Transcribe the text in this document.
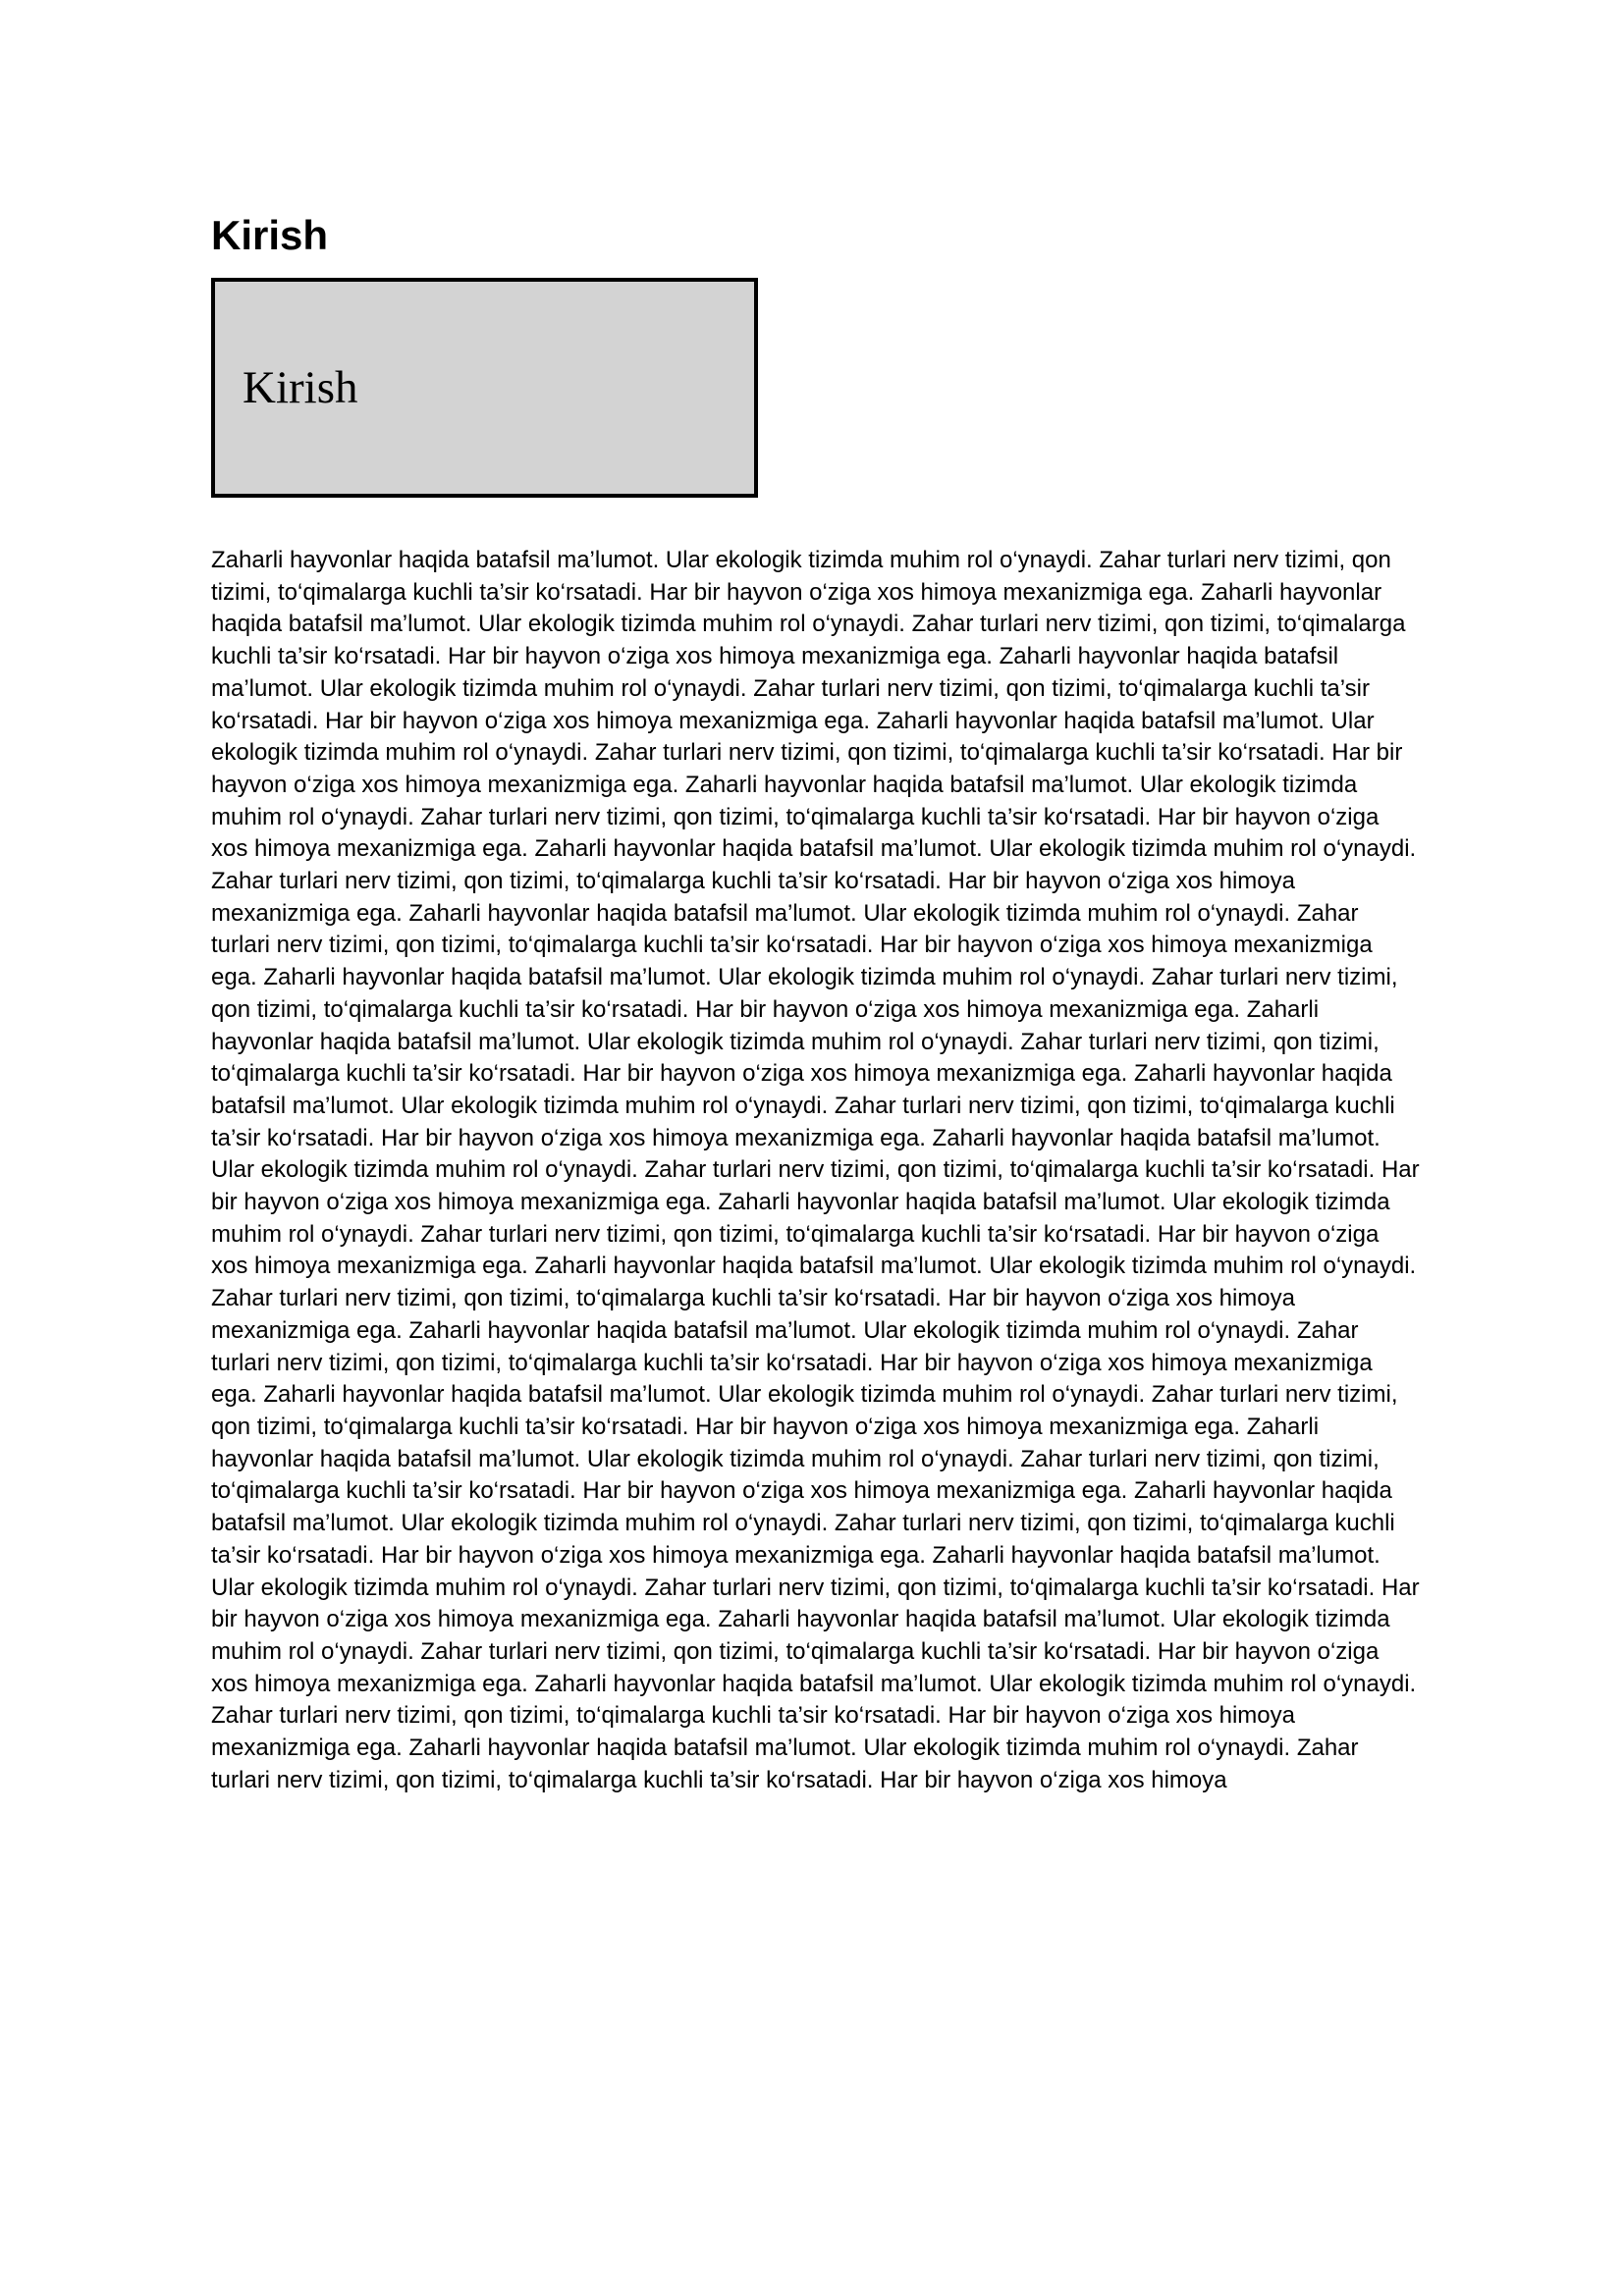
Kirish
Kirish

Zaharli hayvonlar haqida batafsil ma’lumot. Ular ekologik tizimda muhim rol o‘ynaydi. Zahar turlari nerv tizimi, qon tizimi, to‘qimalarga kuchli ta’sir ko‘rsatadi. Har bir hayvon o‘ziga xos himoya mexanizmiga ega. Zaharli hayvonlar haqida batafsil ma’lumot. Ular ekologik tizimda muhim rol o‘ynaydi. Zahar turlari nerv tizimi, qon tizimi, to‘qimalarga kuchli ta’sir ko‘rsatadi. Har bir hayvon o‘ziga xos himoya mexanizmiga ega. Zaharli hayvonlar haqida batafsil ma’lumot. Ular ekologik tizimda muhim rol o‘ynaydi. Zahar turlari nerv tizimi, qon tizimi, to‘qimalarga kuchli ta’sir ko‘rsatadi. Har bir hayvon o‘ziga xos himoya mexanizmiga ega. Zaharli hayvonlar haqida batafsil ma’lumot. Ular ekologik tizimda muhim rol o‘ynaydi. Zahar turlari nerv tizimi, qon tizimi, to‘qimalarga kuchli ta’sir ko‘rsatadi. Har bir hayvon o‘ziga xos himoya mexanizmiga ega. Zaharli hayvonlar haqida batafsil ma’lumot. Ular ekologik tizimda muhim rol o‘ynaydi. Zahar turlari nerv tizimi, qon tizimi, to‘qimalarga kuchli ta’sir ko‘rsatadi. Har bir hayvon o‘ziga xos himoya mexanizmiga ega. Zaharli hayvonlar haqida batafsil ma’lumot. Ular ekologik tizimda muhim rol o‘ynaydi. Zahar turlari nerv tizimi, qon tizimi, to‘qimalarga kuchli ta’sir ko‘rsatadi. Har bir hayvon o‘ziga xos himoya mexanizmiga ega. Zaharli hayvonlar haqida batafsil ma’lumot. Ular ekologik tizimda muhim rol o‘ynaydi. Zahar turlari nerv tizimi, qon tizimi, to‘qimalarga kuchli ta’sir ko‘rsatadi. Har bir hayvon o‘ziga xos himoya mexanizmiga ega. Zaharli hayvonlar haqida batafsil ma’lumot. Ular ekologik tizimda muhim rol o‘ynaydi. Zahar turlari nerv tizimi, qon tizimi, to‘qimalarga kuchli ta’sir ko‘rsatadi. Har bir hayvon o‘ziga xos himoya mexanizmiga ega. Zaharli hayvonlar haqida batafsil ma’lumot. Ular ekologik tizimda muhim rol o‘ynaydi. Zahar turlari nerv tizimi, qon tizimi, to‘qimalarga kuchli ta’sir ko‘rsatadi. Har bir hayvon o‘ziga xos himoya mexanizmiga ega. Zaharli hayvonlar haqida batafsil ma’lumot. Ular ekologik tizimda muhim rol o‘ynaydi. Zahar turlari nerv tizimi, qon tizimi, to‘qimalarga kuchli ta’sir ko‘rsatadi. Har bir hayvon o‘ziga xos himoya mexanizmiga ega. Zaharli hayvonlar haqida batafsil ma’lumot. Ular ekologik tizimda muhim rol o‘ynaydi. Zahar turlari nerv tizimi, qon tizimi, to‘qimalarga kuchli ta’sir ko‘rsatadi. Har bir hayvon o‘ziga xos himoya mexanizmiga ega. Zaharli hayvonlar haqida batafsil ma’lumot. Ular ekologik tizimda muhim rol o‘ynaydi. Zahar turlari nerv tizimi, qon tizimi, to‘qimalarga kuchli ta’sir ko‘rsatadi. Har bir hayvon o‘ziga xos himoya mexanizmiga ega. Zaharli hayvonlar haqida batafsil ma’lumot. Ular ekologik tizimda muhim rol o‘ynaydi. Zahar turlari nerv tizimi, qon tizimi, to‘qimalarga kuchli ta’sir ko‘rsatadi. Har bir hayvon o‘ziga xos himoya mexanizmiga ega. Zaharli hayvonlar haqida batafsil ma’lumot. Ular ekologik tizimda muhim rol o‘ynaydi. Zahar turlari nerv tizimi, qon tizimi, to‘qimalarga kuchli ta’sir ko‘rsatadi. Har bir hayvon o‘ziga xos himoya mexanizmiga ega. Zaharli hayvonlar haqida batafsil ma’lumot. Ular ekologik tizimda muhim rol o‘ynaydi. Zahar turlari nerv tizimi, qon tizimi, to‘qimalarga kuchli ta’sir ko‘rsatadi. Har bir hayvon o‘ziga xos himoya mexanizmiga ega. Zaharli hayvonlar haqida batafsil ma’lumot. Ular ekologik tizimda muhim rol o‘ynaydi. Zahar turlari nerv tizimi, qon tizimi, to‘qimalarga kuchli ta’sir ko‘rsatadi. Har bir hayvon o‘ziga xos himoya mexanizmiga ega. Zaharli hayvonlar haqida batafsil ma’lumot. Ular ekologik tizimda muhim rol o‘ynaydi. Zahar turlari nerv tizimi, qon tizimi, to‘qimalarga kuchli ta’sir ko‘rsatadi. Har bir hayvon o‘ziga xos himoya mexanizmiga ega. Zaharli hayvonlar haqida batafsil ma’lumot. Ular ekologik tizimda muhim rol o‘ynaydi. Zahar turlari nerv tizimi, qon tizimi, to‘qimalarga kuchli ta’sir ko‘rsatadi. Har bir hayvon o‘ziga xos himoya mexanizmiga ega. Zaharli hayvonlar haqida batafsil ma’lumot. Ular ekologik tizimda muhim rol o‘ynaydi. Zahar turlari nerv tizimi, qon tizimi, to‘qimalarga kuchli ta’sir ko‘rsatadi. Har bir hayvon o‘ziga xos himoya mexanizmiga ega. Zaharli hayvonlar haqida batafsil ma’lumot. Ular ekologik tizimda muhim rol o‘ynaydi. Zahar turlari nerv tizimi, qon tizimi, to‘qimalarga kuchli ta’sir ko‘rsatadi. Har bir hayvon o‘ziga xos himoya mexanizmiga ega. Zaharli hayvonlar haqida batafsil ma’lumot. Ular ekologik tizimda muhim rol o‘ynaydi. Zahar turlari nerv tizimi, qon tizimi, to‘qimalarga kuchli ta’sir ko‘rsatadi. Har bir hayvon o‘ziga xos himoya
